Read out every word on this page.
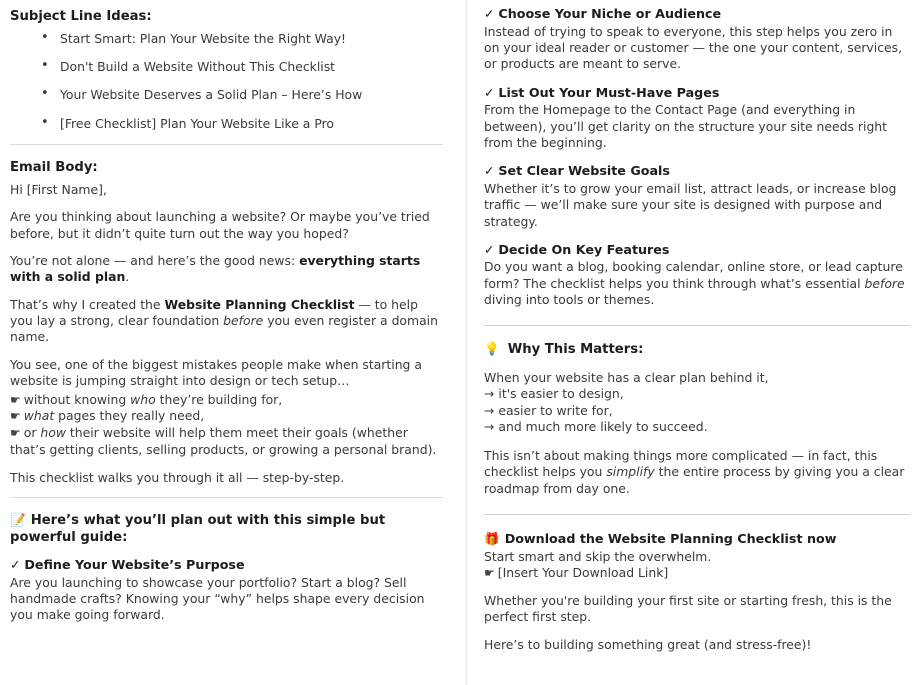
Subject Line Ideas:
• Start Smart: Plan Your Website the Right Way!
• Don't Build a Website Without This Checklist
• Your Website Deserves a Solid Plan – Here’s How
• [Free Checklist] Plan Your Website Like a Pro
Email Body:

Hi [First Name],

Are you thinking about launching a website? Or maybe you’ve tried before, but it didn’t quite turn out the way you hoped?

You’re not alone — and here’s the good news: everything starts with a solid plan.

That’s why I created the Website Planning Checklist — to help you lay a strong, clear foundation before you even register a domain name.

You see, one of the biggest mistakes people make when starting a website is jumping straight into design or tech setup…

☛ without knowing who they’re building for,
☛ what pages they really need,
☛ or how their website will help them meet their goals (whether that’s getting clients, selling products, or growing a personal brand).

This checklist walks you through it all — step-by-step.

📝 Here’s what you’ll plan out with this simple but powerful guide:
✓ Define Your Website’s Purpose

Are you launching to showcase your portfolio? Start a blog? Sell handmade crafts? Knowing your “why” helps shape every decision you make going forward.

✓ Choose Your Niche or Audience

Instead of trying to speak to everyone, this step helps you zero in on your ideal reader or customer — the one your content, services, or products are meant to serve.

✓ List Out Your Must-Have Pages

From the Homepage to the Contact Page (and everything in between), you’ll get clarity on the structure your site needs right from the beginning.

✓ Set Clear Website Goals

Whether it’s to grow your email list, attract leads, or increase blog traffic — we’ll make sure your site is designed with purpose and strategy.

✓ Decide On Key Features

Do you want a blog, booking calendar, online store, or lead capture form? The checklist helps you think through what’s essential before diving into tools or themes.

💡 Why This Matters:
When your website has a clear plan behind it,
→ it's easier to design,
→ easier to write for,
→ and much more likely to succeed.

This isn’t about making things more complicated — in fact, this checklist helps you simplify the entire process by giving you a clear roadmap from day one.

🎁 Download the Website Planning Checklist now
Start smart and skip the overwhelm.
☛ [Insert Your Download Link]

Whether you're building your first site or starting fresh, this is the perfect first step.

Here’s to building something great (and stress-free)!
